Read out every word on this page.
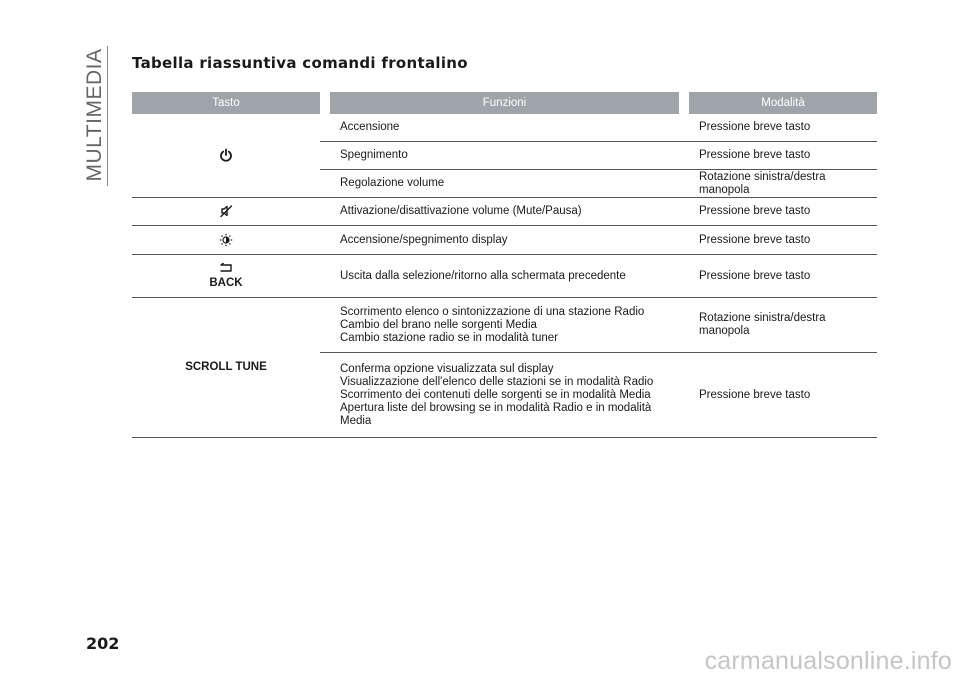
MULTIMEDIA Tabella riassuntiva comandi frontalino
Tasto		Funzioni		Modalità
		Accensione		Pressione breve tasto
		Spegnimento		Pressione breve tasto
		Regolazione volume		Rotazione sinistra/destra manopola
		Attivazione/disattivazione volume (Mute/Pausa)		Pressione breve tasto
		Accensione/spegnimento display		Pressione breve tasto

BACK		Uscita dalla selezione/ritorno alla schermata precedente		Pressione breve tasto
SCROLL TUNE		Scorrimento elenco o sintonizzazione di una stazione Radio
Cambio del brano nelle sorgenti Media
Cambio stazione radio se in modalità tuner		Rotazione sinistra/destra manopola

		Conferma opzione visualizzata sul display
Visualizzazione dell'elenco delle stazioni se in modalità Radio
Scorrimento dei contenuti delle sorgenti se in modalità Media
Apertura liste del browsing se in modalità Radio e in modalità
Media		Pressione breve tasto
202
carmanualsonline.info
